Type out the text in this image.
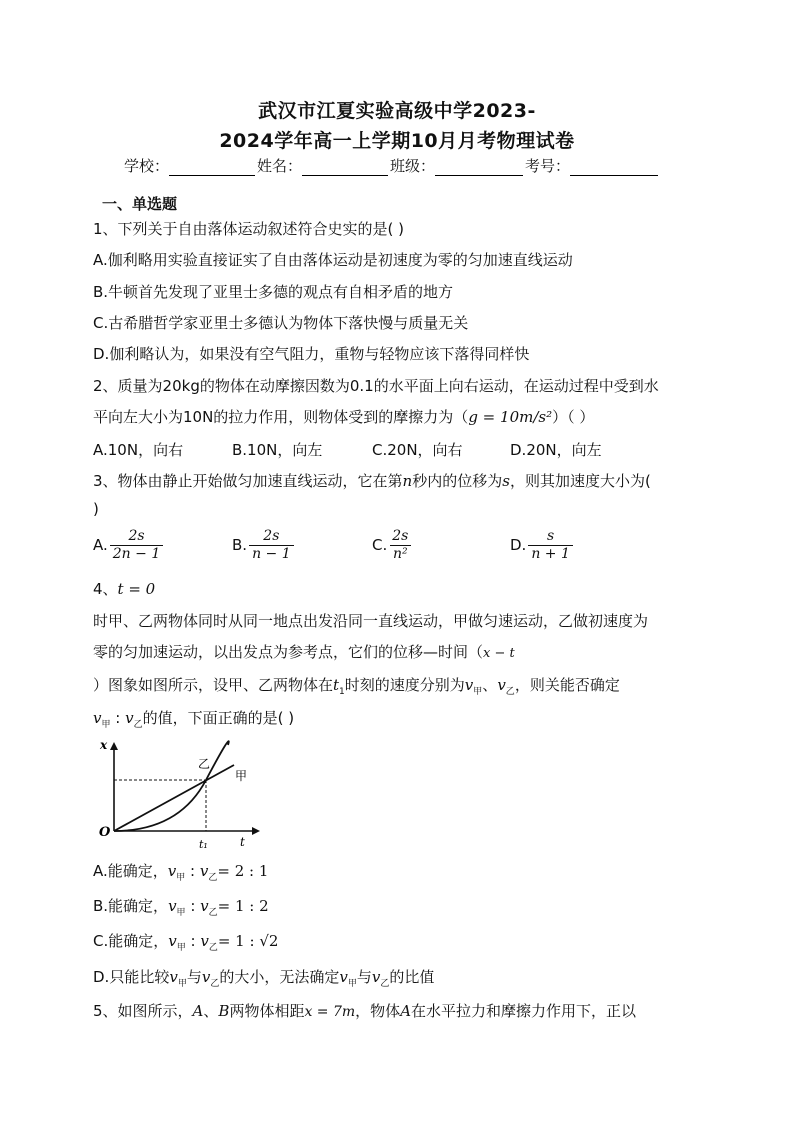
武汉市江夏实验高级中学2023-
2024学年高一上学期10月月考物理试卷
学校：	姓名：	班级：	考号：
一、单选题
1、下列关于自由落体运动叙述符合史实的是( )
A.伽利略用实验直接证实了自由落体运动是初速度为零的匀加速直线运动
B.牛顿首先发现了亚里士多德的观点有自相矛盾的地方
C.古希腊哲学家亚里士多德认为物体下落快慢与质量无关
D.伽利略认为，如果没有空气阻力，重物与轻物应该下落得同样快
2、质量为20kg的物体在动摩擦因数为0.1的水平面上向右运动，在运动过程中受到水
平向左大小为10N的拉力作用，则物体受到的摩擦力为（g = 10m/s²）（ ）
A.10N，向右	B.10N，向左	C.20N，向右	D.20N，向左
3、物体由静止开始做匀加速直线运动，它在第n秒内的位移为s，则其加速度大小为(
)
A. $\frac{2s}{2n - 1}$	B. $\frac{2s}{n - 1}$	C. $\frac{2s}{\text{n²}}$	D. $\frac{s}{n + 1}$
4、t = 0
时甲、乙两物体同时从同一地点出发沿同一直线运动，甲做匀速运动，乙做初速度为
零的匀加速运动，以出发点为参考点，它们的位移—时间（x − t
）图象如图所示，设甲、乙两物体在$t_1$时刻的速度分别为$v_甲$、$v_乙$，则关能否确定
$v_甲$ : $v_乙$的值，下面正确的是( )
x
O
t
t₁
乙
甲
A.能确定，$v_甲$ : $v_乙= 2$ : 1
B.能确定，$v_甲$ : $v_乙= 1$ : 2
C.能确定，$v_甲$ : $v_乙= 1$ : √2
D.只能比较$v_甲$与$v_乙$的大小，无法确定$v_甲$与$v_乙$的比值
5、如图所示，A、B两物体相距x = 7m，物体A在水平拉力和摩擦力作用下，正以
